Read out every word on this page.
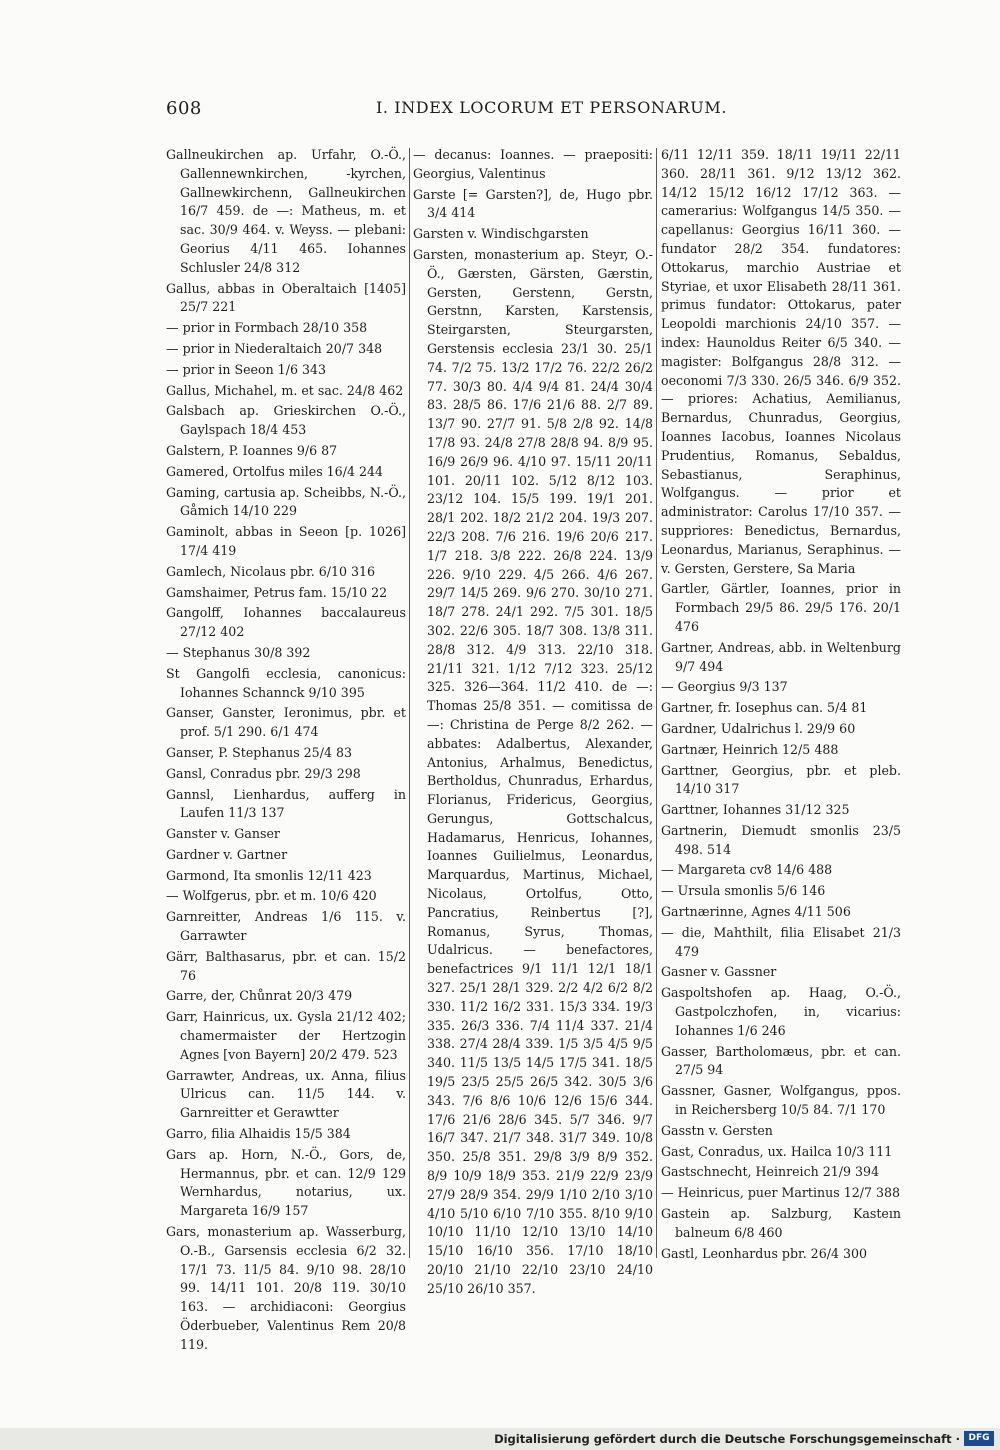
608	I. INDEX LOCORUM ET PERSONARUM.

Gallneukirchen ap. Urfahr, O.-Ö., Gallennewnkirchen, -kyrchen, Gallnewkirchenn, Gallneukirchen 16/7 459. de —: Matheus, m. et sac. 30/9 464. v. Weyss. — plebani: Georius 4/11 465. Iohannes Schlusler 24/8 312

Gallus, abbas in Oberaltaich [1405] 25/7 221

— prior in Formbach 28/10 358

— prior in Niederaltaich 20/7 348

— prior in Seeon 1/6 343

Gallus, Michahel, m. et sac. 24/8 462

Galsbach ap. Grieskirchen O.-Ö., Gaylspach 18/4 453

Galstern, P. Ioannes 9/6 87

Gamered, Ortolfus miles 16/4 244

Gaming, cartusia ap. Scheibbs, N.-Ö., Gåmich 14/10 229

Gaminolt, abbas in Seeon [p. 1026] 17/4 419

Gamlech, Nicolaus pbr. 6/10 316

Gamshaimer, Petrus fam. 15/10 22

Gangolff, Iohannes baccalaureus 27/12 402

— Stephanus 30/8 392

St Gangolfi ecclesia, canonicus: Iohannes Schannck 9/10 395

Ganser, Ganster, Ieronimus, pbr. et prof. 5/1 290. 6/1 474

Ganser, P. Stephanus 25/4 83

Gansl, Conradus pbr. 29/3 298

Gannsl, Lienhardus, aufferg in Laufen 11/3 137

Ganster v. Ganser

Gardner v. Gartner

Garmond, Ita smonlis 12/11 423

— Wolfgerus, pbr. et m. 10/6 420

Garnreitter, Andreas 1/6 115. v. Garrawter

Gärr, Balthasarus, pbr. et can. 15/2 76

Garre, der, Chůnrat 20/3 479

Garr, Hainricus, ux. Gysla 21/12 402; chamermaister der Hertzogin Agnes [von Bayern] 20/2 479. 523

Garrawter, Andreas, ux. Anna, filius Ulricus can. 11/5 144. v. Garnreitter et Gerawtter

Garro, filia Alhaidis 15/5 384

Gars ap. Horn, N.-Ö., Gors, de, Hermannus, pbr. et can. 12/9 129 Wernhardus, notarius, ux. Margareta 16/9 157

Gars, monasterium ap. Wasserburg, O.-B., Garsensis ecclesia 6/2 32. 17/1 73. 11/5 84. 9/10 98. 28/10 99. 14/11 101. 20/8 119. 30/10 163. — archidiaconi: Georgius Öderbueber, Valentinus Rem 20/8 119.

— decanus: Ioannes. — praepositi: Georgius, Valentinus

Garste [= Garsten?], de, Hugo pbr. 3/4 414

Garsten v. Windischgarsten

Garsten, monasterium ap. Steyr, O.-Ö., Gærsten, Gärsten, Gærstin, Gersten, Gerstenn, Gerstn, Gerstnn, Karsten, Karstensis, Steirgarsten, Steurgarsten, Gerstensis ecclesia 23/1 30. 25/1 74. 7/2 75. 13/2 17/2 76. 22/2 26/2 77. 30/3 80. 4/4 9/4 81. 24/4 30/4 83. 28/5 86. 17/6 21/6 88. 2/7 89. 13/7 90. 27/7 91. 5/8 2/8 92. 14/8 17/8 93. 24/8 27/8 28/8 94. 8/9 95. 16/9 26/9 96. 4/10 97. 15/11 20/11 101. 20/11 102. 5/12 8/12 103. 23/12 104. 15/5 199. 19/1 201. 28/1 202. 18/2 21/2 204. 19/3 207. 22/3 208. 7/6 216. 19/6 20/6 217. 1/7 218. 3/8 222. 26/8 224. 13/9 226. 9/10 229. 4/5 266. 4/6 267. 29/7 14/5 269. 9/6 270. 30/10 271. 18/7 278. 24/1 292. 7/5 301. 18/5 302. 22/6 305. 18/7 308. 13/8 311. 28/8 312. 4/9 313. 22/10 318. 21/11 321. 1/12 7/12 323. 25/12 325. 326—364. 11/2 410. de —: Thomas 25/8 351. — comitissa de —: Christina de Perge 8/2 262. — abbates: Adalbertus, Alexander, Antonius, Arhalmus, Benedictus, Bertholdus, Chunradus, Erhardus, Florianus, Fridericus, Georgius, Gerungus, Gottschalcus, Hadamarus, Henricus, Iohannes, Ioannes Guilielmus, Leonardus, Marquardus, Martinus, Michael, Nicolaus, Ortolfus, Otto, Pancratius, Reinbertus [?], Romanus, Syrus, Thomas, Udalricus. — benefactores, benefactrices 9/1 11/1 12/1 18/1 327. 25/1 28/1 329. 2/2 4/2 6/2 8/2 330. 11/2 16/2 331. 15/3 334. 19/3 335. 26/3 336. 7/4 11/4 337. 21/4 338. 27/4 28/4 339. 1/5 3/5 4/5 9/5 340. 11/5 13/5 14/5 17/5 341. 18/5 19/5 23/5 25/5 26/5 342. 30/5 3/6 343. 7/6 8/6 10/6 12/6 15/6 344. 17/6 21/6 28/6 345. 5/7 346. 9/7 16/7 347. 21/7 348. 31/7 349. 10/8 350. 25/8 351. 29/8 3/9 8/9 352. 8/9 10/9 18/9 353. 21/9 22/9 23/9 27/9 28/9 354. 29/9 1/10 2/10 3/10 4/10 5/10 6/10 7/10 355. 8/10 9/10 10/10 11/10 12/10 13/10 14/10 15/10 16/10 356. 17/10 18/10 20/10 21/10 22/10 23/10 24/10 25/10 26/10 357.

6/11 12/11 359. 18/11 19/11 22/11 360. 28/11 361. 9/12 13/12 362. 14/12 15/12 16/12 17/12 363. — camerarius: Wolfgangus 14/5 350. — capellanus: Georgius 16/11 360. — fundator 28/2 354. fundatores: Ottokarus, marchio Austriae et Styriae, et uxor Elisabeth 28/11 361. primus fundator: Ottokarus, pater Leopoldi marchionis 24/10 357. — index: Haunoldus Reiter 6/5 340. — magister: Bolfgangus 28/8 312. — oeconomi 7/3 330. 26/5 346. 6/9 352. — priores: Achatius, Aemilianus, Bernardus, Chunradus, Georgius, Ioannes Iacobus, Ioannes Nicolaus Prudentius, Romanus, Sebaldus, Sebastianus, Seraphinus, Wolfgangus. — prior et administrator: Carolus 17/10 357. — suppriores: Benedictus, Bernardus, Leonardus, Marianus, Seraphinus. — v. Gersten, Gerstere, Sa Maria

Gartler, Gärtler, Ioannes, prior in Formbach 29/5 86. 29/5 176. 20/1 476

Gartner, Andreas, abb. in Weltenburg 9/7 494

— Georgius 9/3 137

Gartner, fr. Iosephus can. 5/4 81

Gardner, Udalrichus l. 29/9 60

Gartnær, Heinrich 12/5 488

Garttner, Georgius, pbr. et pleb. 14/10 317

Garttner, Iohannes 31/12 325

Gartnerin, Diemudt smonlis 23/5 498. 514

— Margareta cv8 14/6 488

— Ursula smonlis 5/6 146

Gartnærinne, Agnes 4/11 506

— die, Mahthilt, filia Elisabet 21/3 479

Gasner v. Gassner

Gaspoltshofen ap. Haag, O.-Ö., Gastpolczhofen, in, vicarius: Iohannes 1/6 246

Gasser, Bartholomæus, pbr. et can. 27/5 94

Gassner, Gasner, Wolfgangus, ppos. in Reichersberg 10/5 84. 7/1 170

Gasstn v. Gersten

Gast, Conradus, ux. Hailca 10/3 111

Gastschnecht, Heinreich 21/9 394

— Heinricus, puer Martinus 12/7 388

Gastein ap. Salzburg, Kasteın balneum 6/8 460

Gastl, Leonhardus pbr. 26/4 300

Digitalisierung gefördert durch die Deutsche Forschungsgemeinschaft · DFG
